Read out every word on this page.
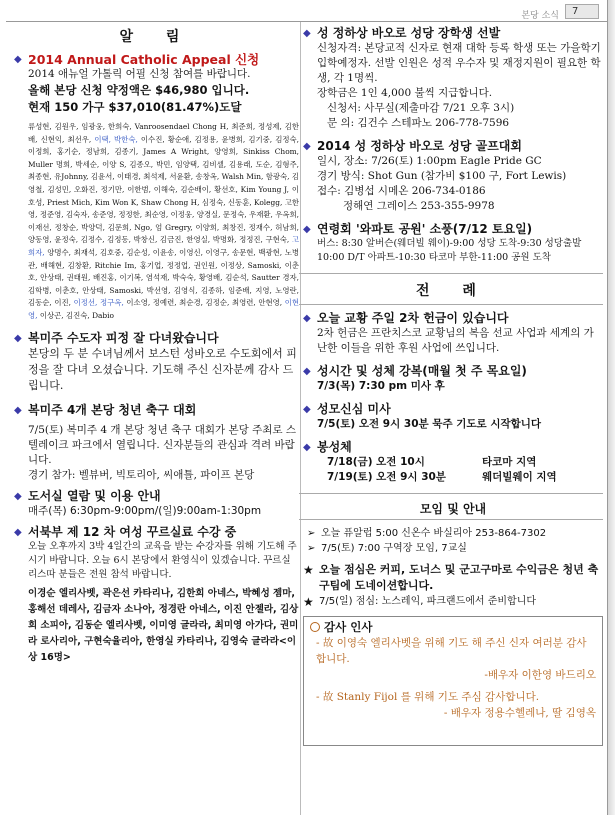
본당 소식	7
알 림
◆ 2014 Annual Catholic Appeal 신청
2014 애뉴얼 가톨릭 어필 신청 참여를 바랍니다.
올해 본당 신청 약정액은 $46,980 입니다.
현재 150 가구 $37,010(81.47%)도달
류성현, 김원우, 임광웅, 한희숙, Vanroosendael Chong H, 최준희, 정성제, 김한배, 신현익, 최선우, 이택, 박한숙, 이수진, 황순애, 김정용, 윤병희, 김기중, 김정숙, 이정희, 홍기순, 정남희, 김종기, James A Wright, 양영희, Sinkiss Chom, Muller 명희, 박세순, 이양 S, 김종오, 박민, 임양택, 김비셀, 김용래, 도순, 김형주, 최종현, 유Johnny, 김윤서, 이태경, 최석제, 서윤환, 송창옥, Walsh Min, 함광숙, 김영철, 김성민, 오화진, 정기만, 이한범, 이해숙, 김순배이, 황선호, Kim Young J, 이호성, Priest Mich, Kim Won K, Shaw Chong H, 심정숙, 신동훈, Kolegg, 고한영, 정준영, 김숙자, 송준영, 정정한, 최순영, 이정웅, 양경실, 문정숙, 우재환, 우옥희, 이재선, 정창순, 박양덕, 김문희, Ngo, 엄 Gregry, 이양희, 최창진, 정재수, 허남희, 양동영, 윤정숙, 김정수, 김정동, 박창신, 김금진, 한영실, 박명화, 정정진, 구현숙, 고희자, 양명수, 최재석, 김호중, 김순성, 이윤송, 이영신, 이영구, 송문현, 백광현, 노병관, 배해현, 김창환, Ritchie Im, 홍기업, 정정업, 권인원, 이정상, Samoski, 이춘호, 안상태, 권태원, 배진홍, 이기복, 염석재, 박숙숙, 황영배, 김순석, Sautter 경자, 김학병, 이춘호, 안상태, Samoski, 박선영, 김영식, 김종하, 임준배, 지영, 노영란, 김동순, 이진, 이정선, 정구옥, 이소영, 정예련, 최순경, 김정순, 최영련, 안현영, 이현영, 이상곤, 김진숙, Dabio
◆ 복미주 수도자 피정 잘 다녀왔습니다
본당의 두 분 수녀님께서 보스턴 성바오로 수도회에서 피정을 잘 다녀 오셨습니다. 기도해 주신 신자분께 감사 드립니다.
◆ 복미주 4개 본당 청년 축구 대회
7/5(토) 복미주 4 개 본당 청년 축구 대회가 본당 주최로 스텔레이크 파크에서 열립니다. 신자분들의 관심과 격려 바랍니다.
경기 참가: 벨뷰버, 빅토리아, 씨애틀, 파이프 본당
◆ 도서실 열람 및 이용 안내
매주(목) 6:30pm-9:00pm/(일)9:00am-1:30pm
◆ 서북부 제 12 차 여성 꾸르실료 수강 중
오늘 오후까지 3박 4일간의 교육을 받는 수강자를 위해 기도해 주시기 바랍니다. 오늘 6시 본당에서 환영식이 있겠습니다. 꾸르실리스따 분들은 전원 참석 바랍니다.
이경순 엘리사벳, 곽은선 카타리나, 김한희 아네스, 박혜성 젬마, 홍해선 데레사, 김금자 소나아, 정경란 아네스, 이진 안젤라, 김상희 소피아, 김동순 엘리사벳, 이미영 글라라, 최미영 아가다, 권미라 로사리아, 구현숙율리아, 한영실 카타리나, 김영숙 글라라<이상 16명>
◆ 성 정하상 바오로 성당 장학생 선발
신청자격: 본당교적 신자로 현재 대학 등록 학생 또는 가을학기 입학예정자. 선발 인원은 성적 우수자 및 재정지원이 필요한 학생, 각 1명씩.
장학금은 1인 4,000 불씩 지급합니다.
신청서: 사무실(제출마감 7/21 오후 3시)
문 의: 김건수 스테파노 206-778-7596
◆ 2014 성 정하상 바오로 성당 골프대회
일시, 장소: 7/26(토) 1:00pm Eagle Pride GC
경기 방식: Shot Gun (참가비 $100 구, Fort Lewis)
접수: 김병섭 시메온 206-734-0186
정해연 그레이스 253-355-9978
◆ 연령회 '와파토 공원' 소풍(7/12 토요일)
버스: 8:30 알버슨(웨더빌 웨이)-9:00 성당 도착-9:30 성당출발
10:00 D/T 아파트-10:30 타코마 부한-11:00 공원 도착
전 례
◆ 오늘 교황 주일 2차 헌금이 있습니다
2차 헌금은 프란치스코 교황님의 복음 선교 사업과 세계의 가난한 이들을 위한 후원 사업에 쓰입니다.
◆ 성시간 및 성체 강복(매월 첫 주 목요일)
7/3(목) 7:30 pm 미사 후
◆ 성모신심 미사
7/5(토) 오전 9시 30분 묵주 기도로 시작합니다
◆ 봉성체
7/18(금) 오전 10시	타코마 지역
7/19(토) 오전 9시 30분	웨더빌웨이 지역
모임 및 안내
➢ 오늘 퓨알럽 5:00 신온수 바실리아 253-864-7302
➢ 7/5(토) 7:00 구역장 모임, 7교실
★ 오늘 점심은 커피, 도너스 및 군고구마로 수익금은 청년 축구팀에 도네이션합니다.
★ 7/5(일) 점심: 노스레익, 파크랜드에서 준비합니다
감사 인사
- 故 이영숙 엘리사벳을 위해 기도 해 주신 신자 여러분 감사합니다.
-배우자 이한영 바드리오
- 故 Stanly Fijol 를 위해 기도 주심 감사합니다.
- 배우자 정용수헬레나, 딸 김영옥
